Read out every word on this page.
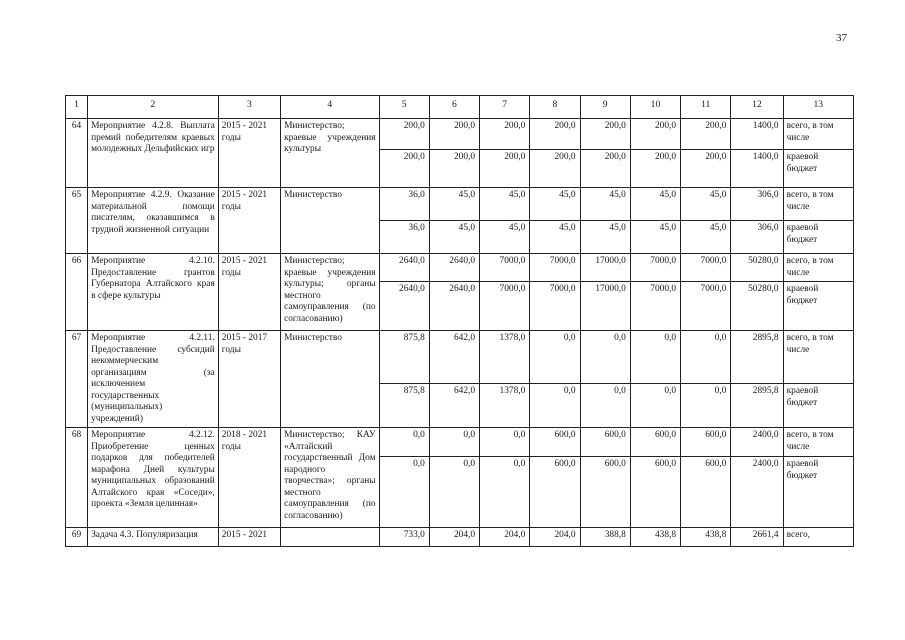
37
1	2	3	4	5	6	7	8	9	10	11	12	13
64	Мероприятие 4.2.8. Выплата премий победителям краевых молодежных Дельфийских игр	2015 - 2021 годы	Министерство; краевые учреждения культуры	200,0	200,0	200,0	200,0	200,0	200,0	200,0	1400,0	всего, в том числе
				200,0	200,0	200,0	200,0	200,0	200,0	200,0	1400,0	краевой бюджет
65	Мероприятие 4.2.9. Оказание материальной помощи писателям, оказавшимся в трудной жизненной ситуации	2015 - 2021 годы	Министерство	36,0	45,0	45,0	45,0	45,0	45,0	45,0	306,0	всего, в том числе
				36,0	45,0	45,0	45,0	45,0	45,0	45,0	306,0	краевой бюджет
66	Мероприятие 4.2.10. Предоставление грантов Губернатора Алтайского края в сфере культуры	2015 - 2021 годы	Министерство; краевые учреждения культуры; органы местного самоуправления (по согласованию)	2640,0	2640,0	7000,0	7000,0	17000,0	7000,0	7000,0	50280,0	всего, в том числе
				2640,0	2640,0	7000,0	7000,0	17000,0	7000,0	7000,0	50280,0	краевой бюджет
67	Мероприятие 4.2.11. Предоставление субсидий некоммерческим организациям (за исключением государственных (муниципальных) учреждений)	2015 - 2017 годы	Министерство	875,8	642,0	1378,0	0,0	0,0	0,0	0,0	2895,8	всего, в том числе
				875,8	642,0	1378,0	0,0	0,0	0,0	0,0	2895,8	краевой бюджет
68	Мероприятие 4.2.12. Приобретение ценных подарков для победителей марафона Дней культуры муниципальных образований Алтайского края «Соседи», проекта «Земля целинная»	2018 - 2021 годы	Министерство; КАУ «Алтайский государственный Дом народного творчества»; органы местного самоуправления (по согласованию)	0,0	0,0	0,0	600,0	600,0	600,0	600,0	2400,0	всего, в том числе
				0,0	0,0	0,0	600,0	600,0	600,0	600,0	2400,0	краевой бюджет
69	Задача 4.3. Популяризация	2015 - 2021		733,0	204,0	204,0	204,0	388,8	438,8	438,8	2661,4	всего,
